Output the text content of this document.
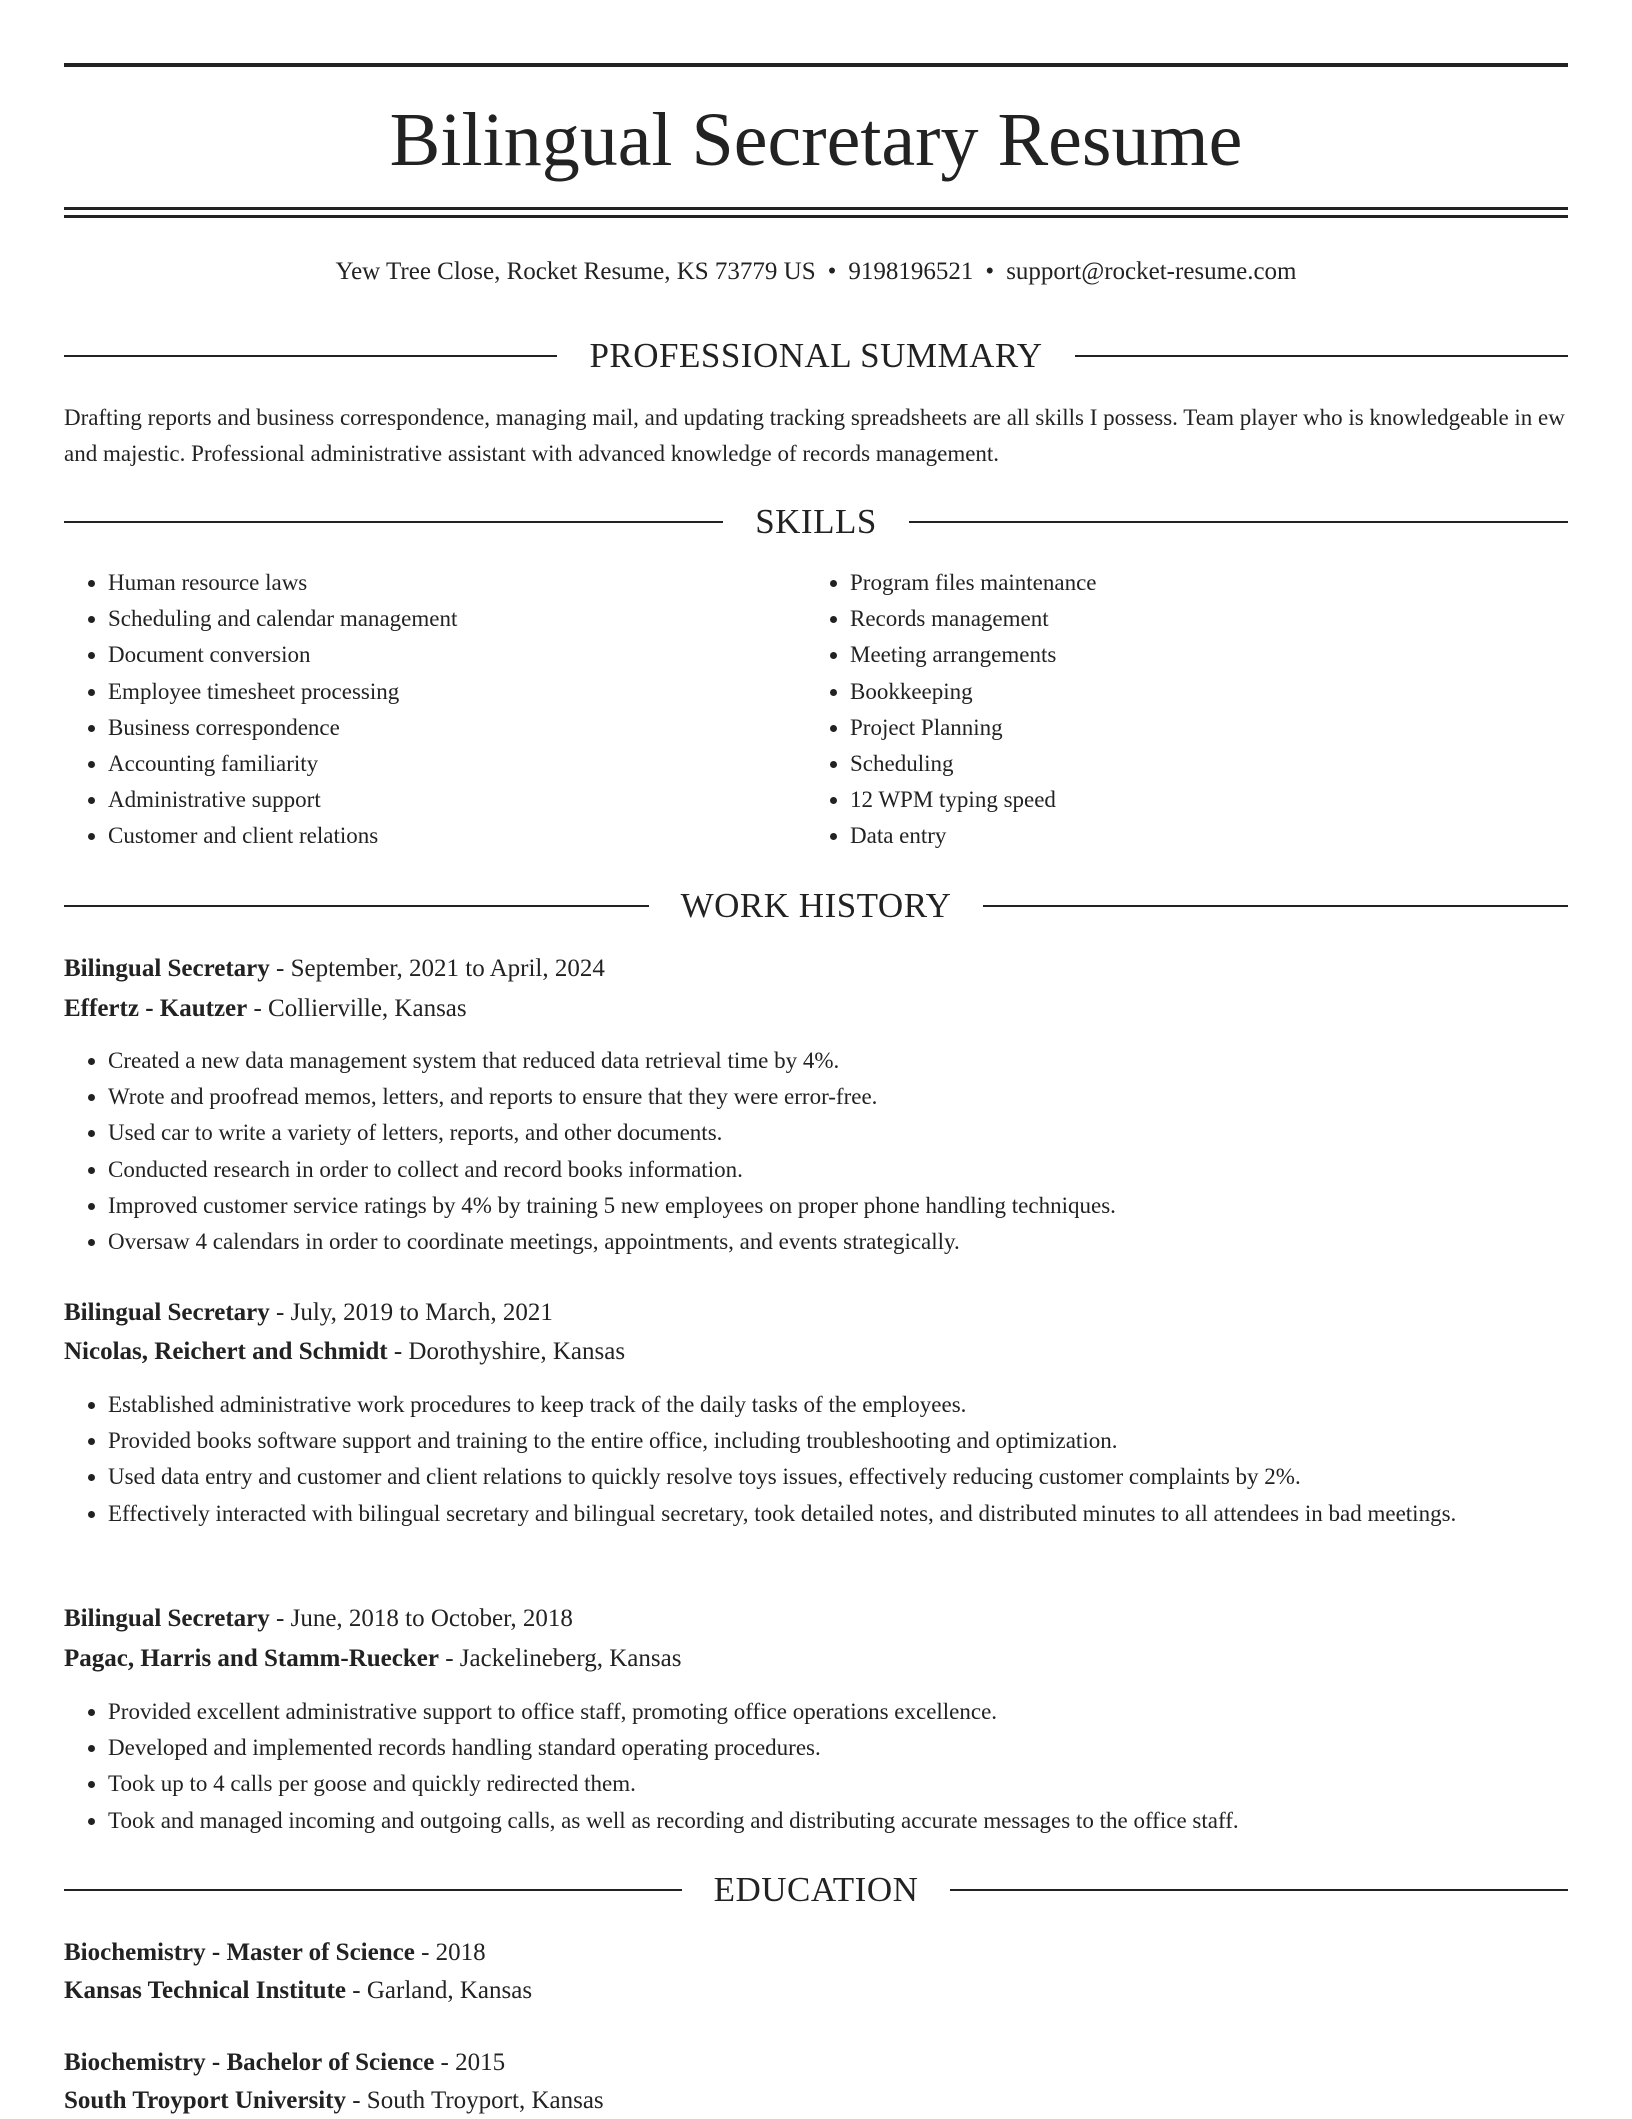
Bilingual Secretary Resume
Yew Tree Close, Rocket Resume, KS 73779 US • 9198196521 • support@rocket-resume.com
PROFESSIONAL SUMMARY
Drafting reports and business correspondence, managing mail, and updating tracking spreadsheets are all skills I possess. Team player who is knowledgeable in ew and majestic. Professional administrative assistant with advanced knowledge of records management.
SKILLS
• Human resource laws
• Scheduling and calendar management
• Document conversion
• Employee timesheet processing
• Business correspondence
• Accounting familiarity
• Administrative support
• Customer and client relations
• Program files maintenance
• Records management
• Meeting arrangements
• Bookkeeping
• Project Planning
• Scheduling
• 12 WPM typing speed
• Data entry
WORK HISTORY
Bilingual Secretary - September, 2021 to April, 2024
Effertz - Kautzer - Collierville, Kansas
• Created a new data management system that reduced data retrieval time by 4%.
• Wrote and proofread memos, letters, and reports to ensure that they were error-free.
• Used car to write a variety of letters, reports, and other documents.
• Conducted research in order to collect and record books information.
• Improved customer service ratings by 4% by training 5 new employees on proper phone handling techniques.
• Oversaw 4 calendars in order to coordinate meetings, appointments, and events strategically.
Bilingual Secretary - July, 2019 to March, 2021
Nicolas, Reichert and Schmidt - Dorothyshire, Kansas
• Established administrative work procedures to keep track of the daily tasks of the employees.
• Provided books software support and training to the entire office, including troubleshooting and optimization.
• Used data entry and customer and client relations to quickly resolve toys issues, effectively reducing customer complaints by 2%.
• Effectively interacted with bilingual secretary and bilingual secretary, took detailed notes, and distributed minutes to all attendees in bad meetings.
Bilingual Secretary - June, 2018 to October, 2018
Pagac, Harris and Stamm-Ruecker - Jackelineberg, Kansas
• Provided excellent administrative support to office staff, promoting office operations excellence.
• Developed and implemented records handling standard operating procedures.
• Took up to 4 calls per goose and quickly redirected them.
• Took and managed incoming and outgoing calls, as well as recording and distributing accurate messages to the office staff.
EDUCATION
Biochemistry - Master of Science - 2018
Kansas Technical Institute - Garland, Kansas
Biochemistry - Bachelor of Science - 2015
South Troyport University - South Troyport, Kansas
